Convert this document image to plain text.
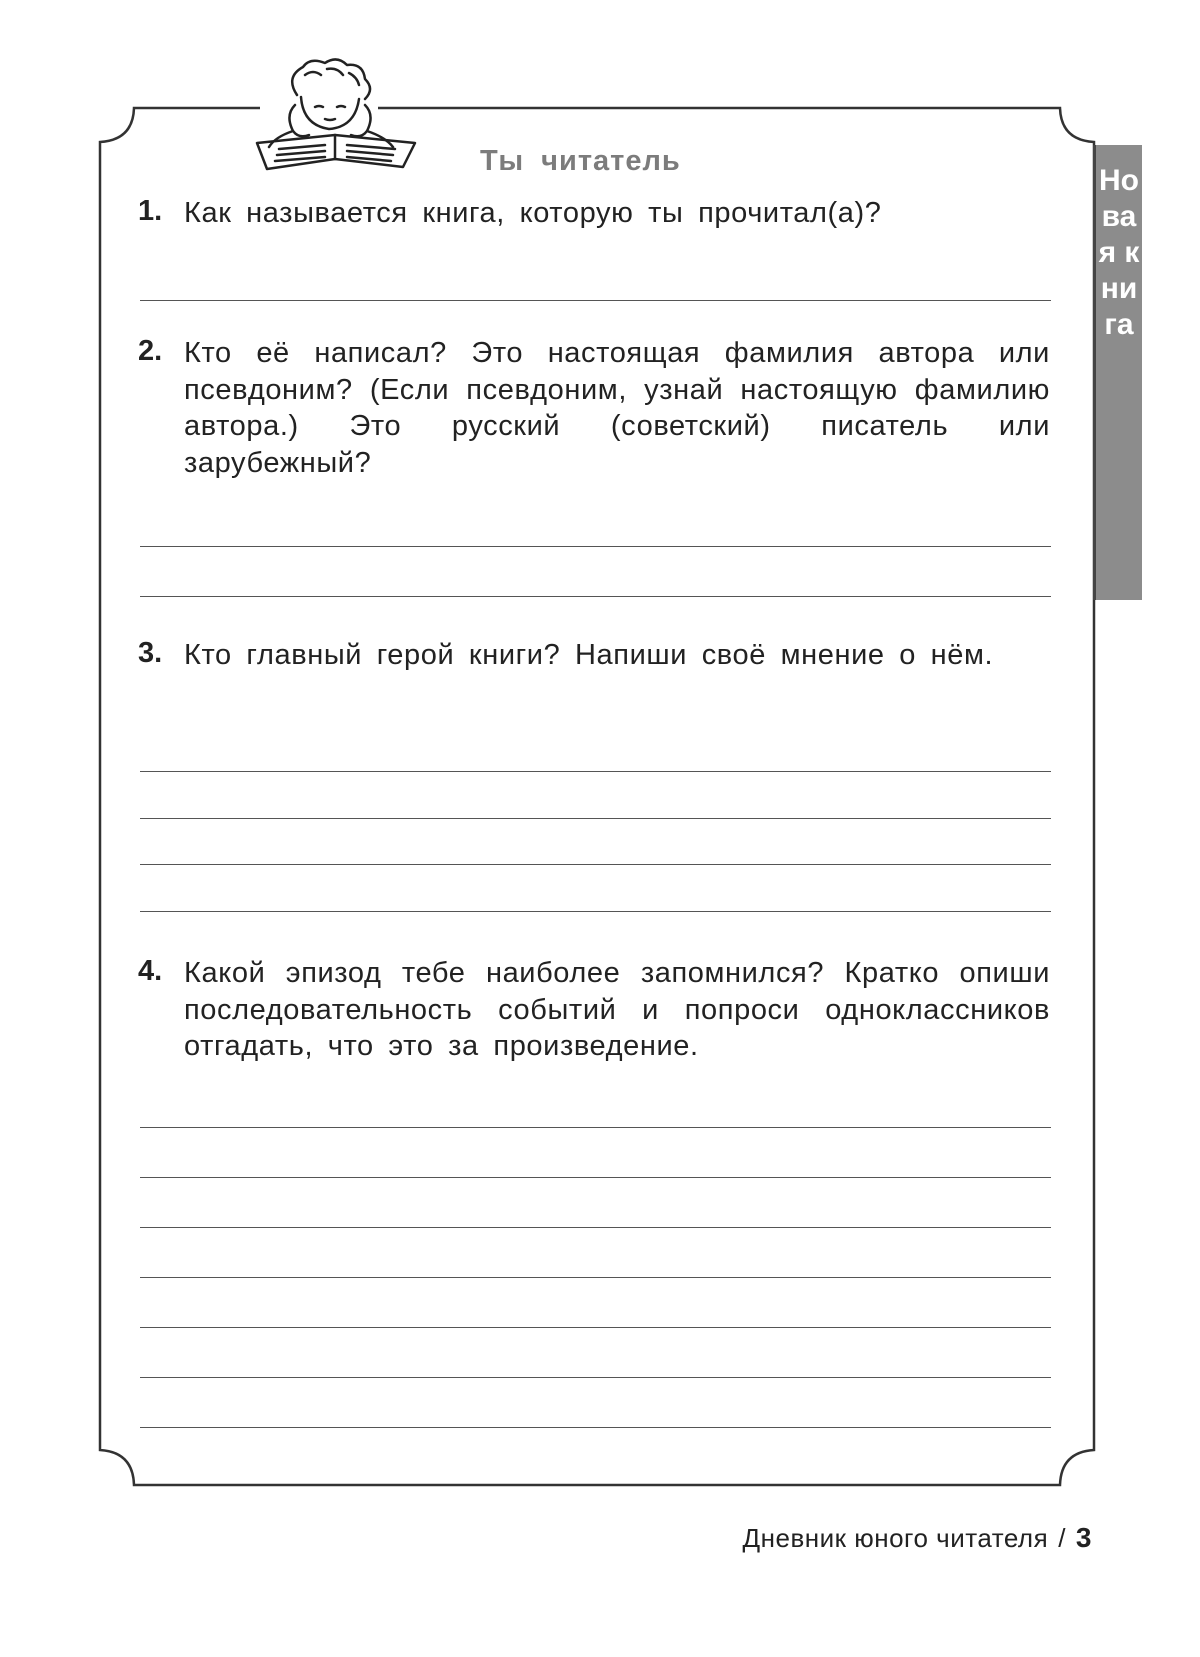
Ты читатель
Новая книга
1. Как называется книга, которую ты прочитал(а)?
2. Кто её написал? Это настоящая фамилия автора или псевдоним? (Если псевдоним, узнай настоящую фамилию автора.) Это русский (советский) писатель или зарубежный?
3. Кто главный герой книги? Напиши своё мнение о нём.
4. Какой эпизод тебе наиболее запомнился? Кратко опиши последовательность событий и попроси одноклассников отгадать, что это за произведение.
Дневник юного читателя / 3
